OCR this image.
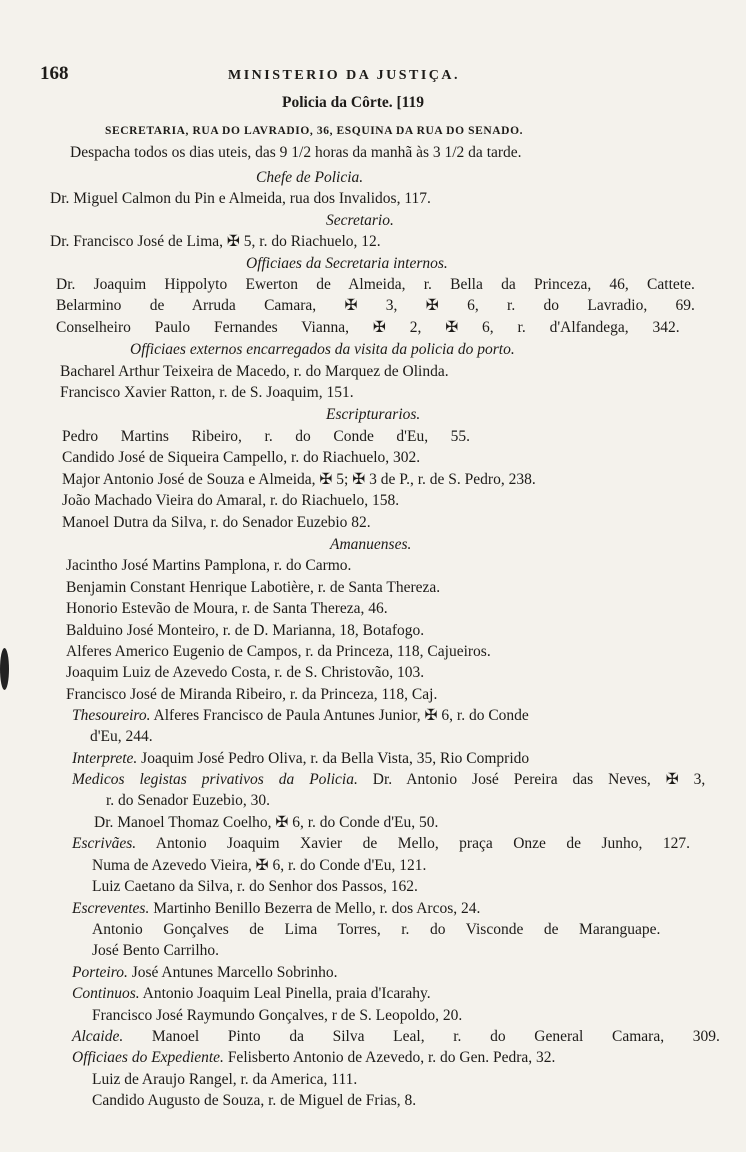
168	MINISTERIO DA JUSTIÇA.
Policia da Côrte. [119
SECRETARIA, RUA DO LAVRADIO, 36, ESQUINA DA RUA DO SENADO.
Despacha todos os dias uteis, das 9 1/2 horas da manhã às 3 1/2 da tarde.
Chefe de Policia.
Dr. Miguel Calmon du Pin e Almeida, rua dos Invalidos, 117.
Secretario.
Dr. Francisco José de Lima, ✠ 5, r. do Riachuelo, 12.
Officiaes da Secretaria internos.
Dr. Joaquim Hippolyto Ewerton de Almeida, r. Bella da Princeza, 46, Cattete.
Belarmino de Arruda Camara, ✠ 3, ✠ 6, r. do Lavradio, 69.
Conselheiro Paulo Fernandes Vianna, ✠ 2, ✠ 6, r. d'Alfandega, 342.
Officiaes externos encarregados da visita da policia do porto.
Bacharel Arthur Teixeira de Macedo, r. do Marquez de Olinda.
Francisco Xavier Ratton, r. de S. Joaquim, 151.
Escripturarios.
Pedro Martins Ribeiro, r. do Conde d'Eu, 55.
Candido José de Siqueira Campello, r. do Riachuelo, 302.
Major Antonio José de Souza e Almeida, ✠ 5; ✠ 3 de P., r. de S. Pedro, 238.
João Machado Vieira do Amaral, r. do Riachuelo, 158.
Manoel Dutra da Silva, r. do Senador Euzebio 82.
Amanuenses.
Jacintho José Martins Pamplona, r. do Carmo.
Benjamin Constant Henrique Labotière, r. de Santa Thereza.
Honorio Estevão de Moura, r. de Santa Thereza, 46.
Balduino José Monteiro, r. de D. Marianna, 18, Botafogo.
Alferes Americo Eugenio de Campos, r. da Princeza, 118, Cajueiros.
Joaquim Luiz de Azevedo Costa, r. de S. Christovão, 103.
Francisco José de Miranda Ribeiro, r. da Princeza, 118, Caj.
Thesoureiro. Alferes Francisco de Paula Antunes Junior, ✠ 6, r. do Conde
d'Eu, 244.
Interprete. Joaquim José Pedro Oliva, r. da Bella Vista, 35, Rio Comprido
Medicos legistas privativos da Policia. Dr. Antonio José Pereira das Neves, ✠ 3,
r. do Senador Euzebio, 30.
Dr. Manoel Thomaz Coelho, ✠ 6, r. do Conde d'Eu, 50.
Escrivães. Antonio Joaquim Xavier de Mello, praça Onze de Junho, 127.
Numa de Azevedo Vieira, ✠ 6, r. do Conde d'Eu, 121.
Luiz Caetano da Silva, r. do Senhor dos Passos, 162.
Escreventes. Martinho Benillo Bezerra de Mello, r. dos Arcos, 24.
Antonio Gonçalves de Lima Torres, r. do Visconde de Maranguape.
José Bento Carrilho.
Porteiro. José Antunes Marcello Sobrinho.
Continuos. Antonio Joaquim Leal Pinella, praia d'Icarahy.
Francisco José Raymundo Gonçalves, r de S. Leopoldo, 20.
Alcaide. Manoel Pinto da Silva Leal, r. do General Camara, 309.
Officiaes do Expediente. Felisberto Antonio de Azevedo, r. do Gen. Pedra, 32.
Luiz de Araujo Rangel, r. da America, 111.
Candido Augusto de Souza, r. de Miguel de Frias, 8.
